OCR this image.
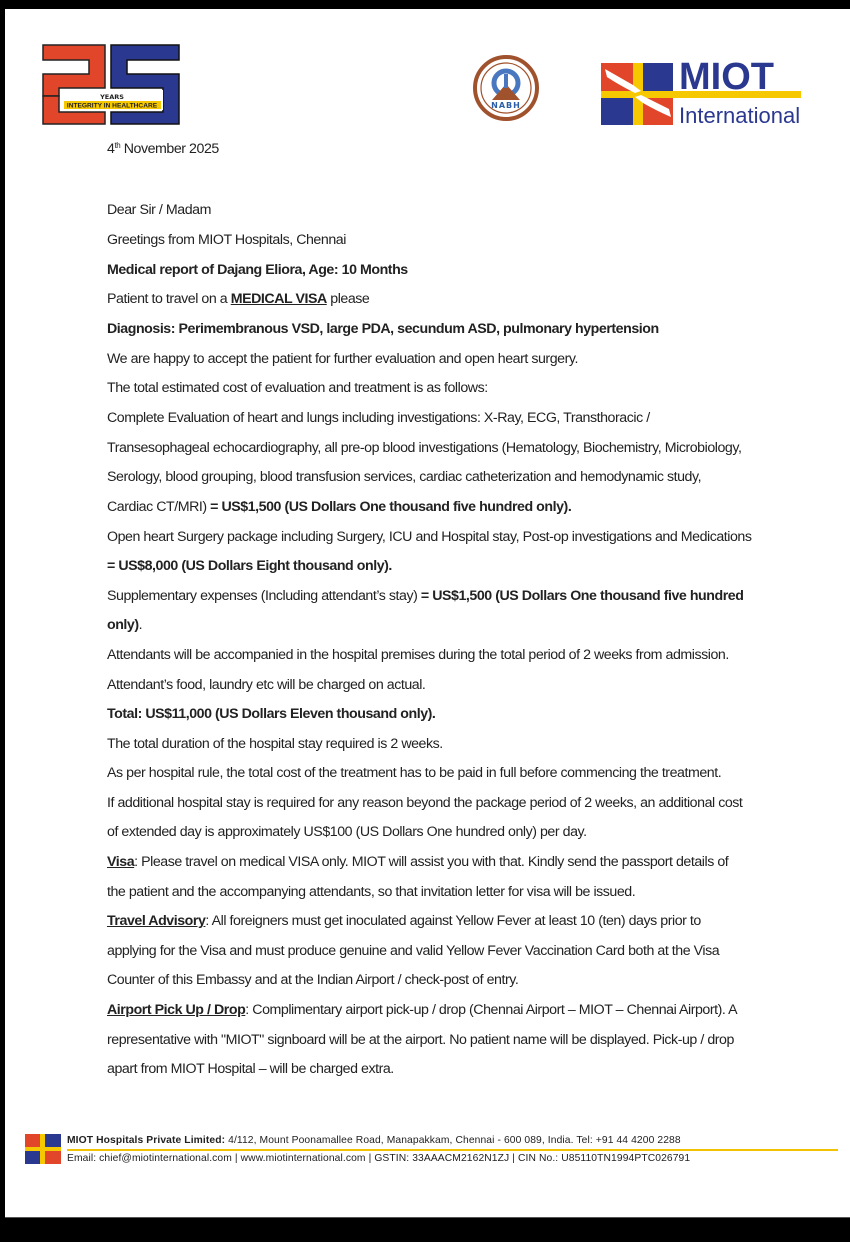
YEARS
INTEGRITY IN HEALTHCARE	NABH
MIOT
International
4th November 2025
Dear Sir / Madam
Greetings from MIOT Hospitals, Chennai
Medical report of Dajang Eliora, Age: 10 Months
Patient to travel on a MEDICAL VISA please
Diagnosis: Perimembranous VSD, large PDA, secundum ASD, pulmonary hypertension
We are happy to accept the patient for further evaluation and open heart surgery.
The total estimated cost of evaluation and treatment is as follows:
Complete Evaluation of heart and lungs including investigations: X-Ray, ECG, Transthoracic /
Transesophageal echocardiography, all pre-op blood investigations (Hematology, Biochemistry, Microbiology,
Serology, blood grouping, blood transfusion services, cardiac catheterization and hemodynamic study,
Cardiac CT/MRI) = US$1,500 (US Dollars One thousand five hundred only).
Open heart Surgery package including Surgery, ICU and Hospital stay, Post-op investigations and Medications
= US$8,000 (US Dollars Eight thousand only).
Supplementary expenses (Including attendant’s stay) = US$1,500 (US Dollars One thousand five hundred
only).
Attendants will be accompanied in the hospital premises during the total period of 2 weeks from admission.
Attendant’s food, laundry etc will be charged on actual.
Total: US$11,000 (US Dollars Eleven thousand only).
The total duration of the hospital stay required is 2 weeks.
As per hospital rule, the total cost of the treatment has to be paid in full before commencing the treatment.
If additional hospital stay is required for any reason beyond the package period of 2 weeks, an additional cost
of extended day is approximately US$100 (US Dollars One hundred only) per day.
Visa: Please travel on medical VISA only. MIOT will assist you with that. Kindly send the passport details of
the patient and the accompanying attendants, so that invitation letter for visa will be issued.
Travel Advisory: All foreigners must get inoculated against Yellow Fever at least 10 (ten) days prior to
applying for the Visa and must produce genuine and valid Yellow Fever Vaccination Card both at the Visa
Counter of this Embassy and at the Indian Airport / check-post of entry.
Airport Pick Up / Drop: Complimentary airport pick-up / drop (Chennai Airport – MIOT – Chennai Airport). A
representative with "MIOT" signboard will be at the airport. No patient name will be displayed. Pick-up / drop
apart from MIOT Hospital – will be charged extra.
MIOT Hospitals Private Limited: 4/112, Mount Poonamallee Road, Manapakkam, Chennai - 600 089, India. Tel: +91 44 4200 2288
Email: chief@miotinternational.com | www.miotinternational.com | GSTIN: 33AAACM2162N1ZJ | CIN No.: U85110TN1994PTC026791
